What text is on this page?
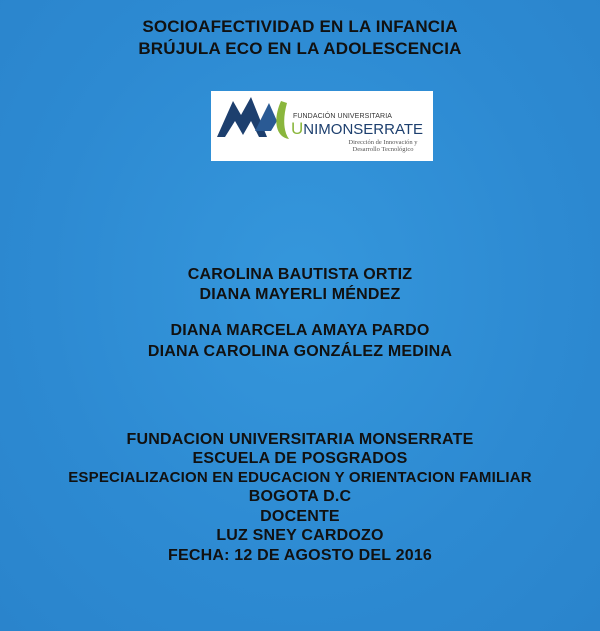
SOCIOAFECTIVIDAD EN LA INFANCIA
BRÚJULA ECO EN LA ADOLESCENCIA
FUNDACIÓN UNIVERSITARIA
UNIMONSERRATE
Dirección de Innovación y
Desarrollo Tecnológico
CAROLINA BAUTISTA ORTIZ
DIANA MAYERLI MÉNDEZ
DIANA MARCELA AMAYA PARDO
DIANA CAROLINA GONZÁLEZ MEDINA
FUNDACION UNIVERSITARIA MONSERRATE
ESCUELA DE POSGRADOS
ESPECIALIZACION EN EDUCACION Y ORIENTACION FAMILIAR
BOGOTA D.C
DOCENTE
LUZ SNEY CARDOZO
FECHA: 12 DE AGOSTO DEL 2016
